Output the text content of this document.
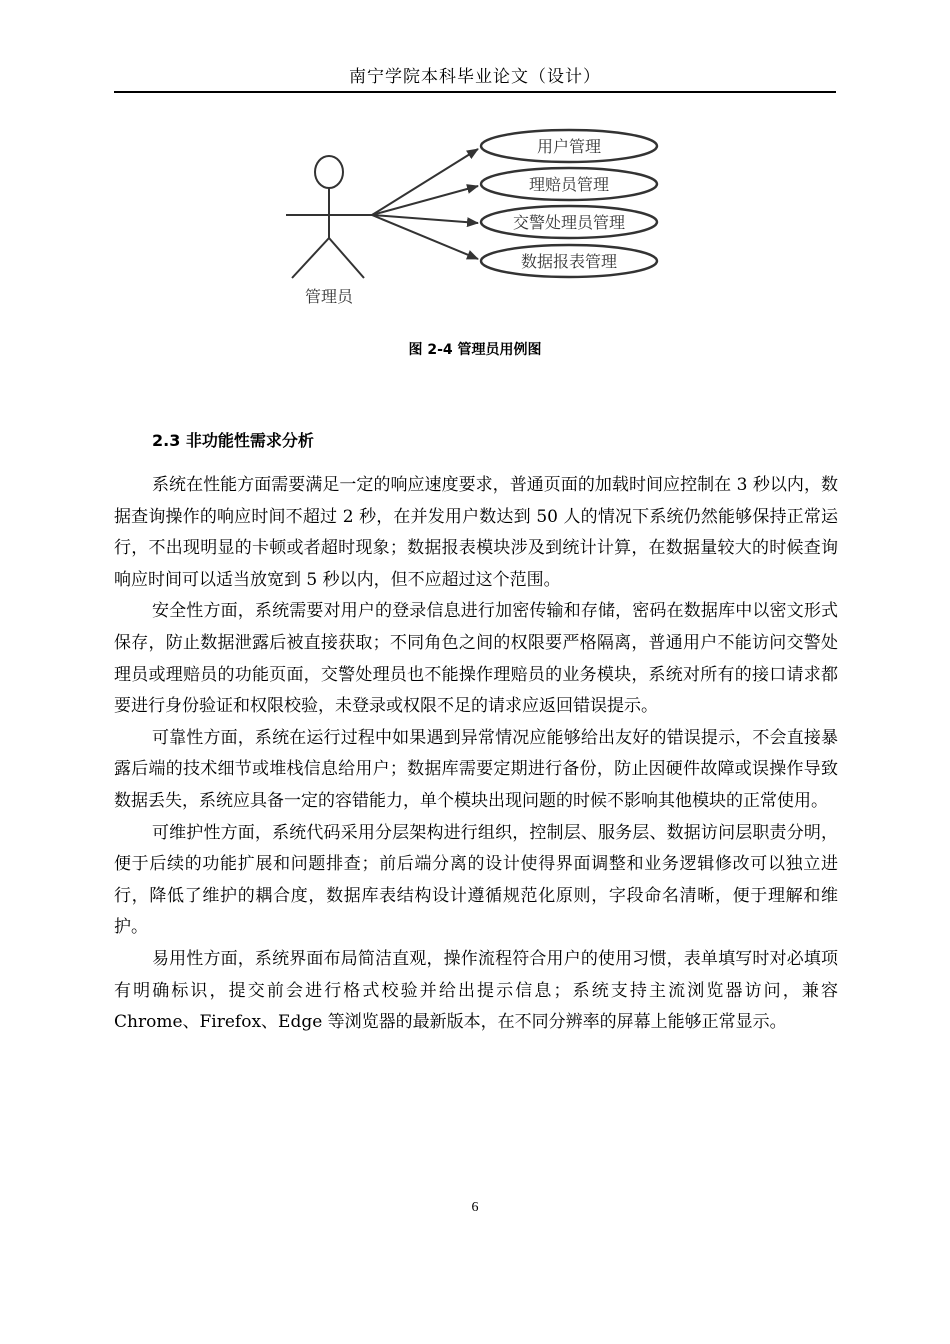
南宁学院本科毕业论文（设计）
管理员
用户管理
理赔员管理
交警处理员管理
数据报表管理
图 2-4 管理员用例图
2.3 非功能性需求分析

系统在性能方面需要满足一定的响应速度要求，普通页面的加载时间应控制在 3 秒以内，数据查询操作的响应时间不超过 2 秒，在并发用户数达到 50 人的情况下系统仍然能够保持正常运行，不出现明显的卡顿或者超时现象；数据报表模块涉及到统计计算，在数据量较大的时候查询响应时间可以适当放宽到 5 秒以内，但不应超过这个范围。

安全性方面，系统需要对用户的登录信息进行加密传输和存储，密码在数据库中以密文形式保存，防止数据泄露后被直接获取；不同角色之间的权限要严格隔离，普通用户不能访问交警处理员或理赔员的功能页面，交警处理员也不能操作理赔员的业务模块，系统对所有的接口请求都要进行身份验证和权限校验，未登录或权限不足的请求应返回错误提示。

可靠性方面，系统在运行过程中如果遇到异常情况应能够给出友好的错误提示，不会直接暴露后端的技术细节或堆栈信息给用户；数据库需要定期进行备份，防止因硬件故障或误操作导致数据丢失，系统应具备一定的容错能力，单个模块出现问题的时候不影响其他模块的正常使用。

可维护性方面，系统代码采用分层架构进行组织，控制层、服务层、数据访问层职责分明，便于后续的功能扩展和问题排查；前后端分离的设计使得界面调整和业务逻辑修改可以独立进行，降低了维护的耦合度，数据库表结构设计遵循规范化原则，字段命名清晰，便于理解和维护。

易用性方面，系统界面布局简洁直观，操作流程符合用户的使用习惯，表单填写时对必填项有明确标识，提交前会进行格式校验并给出提示信息；系统支持主流浏览器访问，兼容 Chrome、Firefox、Edge 等浏览器的最新版本，在不同分辨率的屏幕上能够正常显示。

6
